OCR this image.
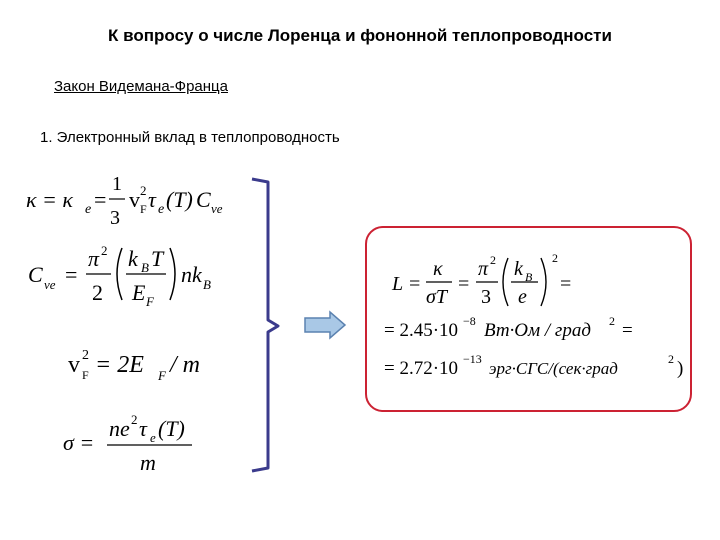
К вопросу о числе Лоренца и фононной теплопроводности
Закон Видемана-Франца
1. Электронный вклад в теплопроводность
κ = κ e =
1
3
v 2
F τ e (T) C ve
C ve =
π 2
2
k B T
E F
nk B
v 2
F = 2E F / m
σ =
ne 2 τ e (T)
m
L =
κ
σT
=
π 2
3
k B
e
2
=
= 2.45·10 −8 Вт·Ом / град 2 =
= 2.72·10 −13 эрг·СГС/(сек·град	2 )
